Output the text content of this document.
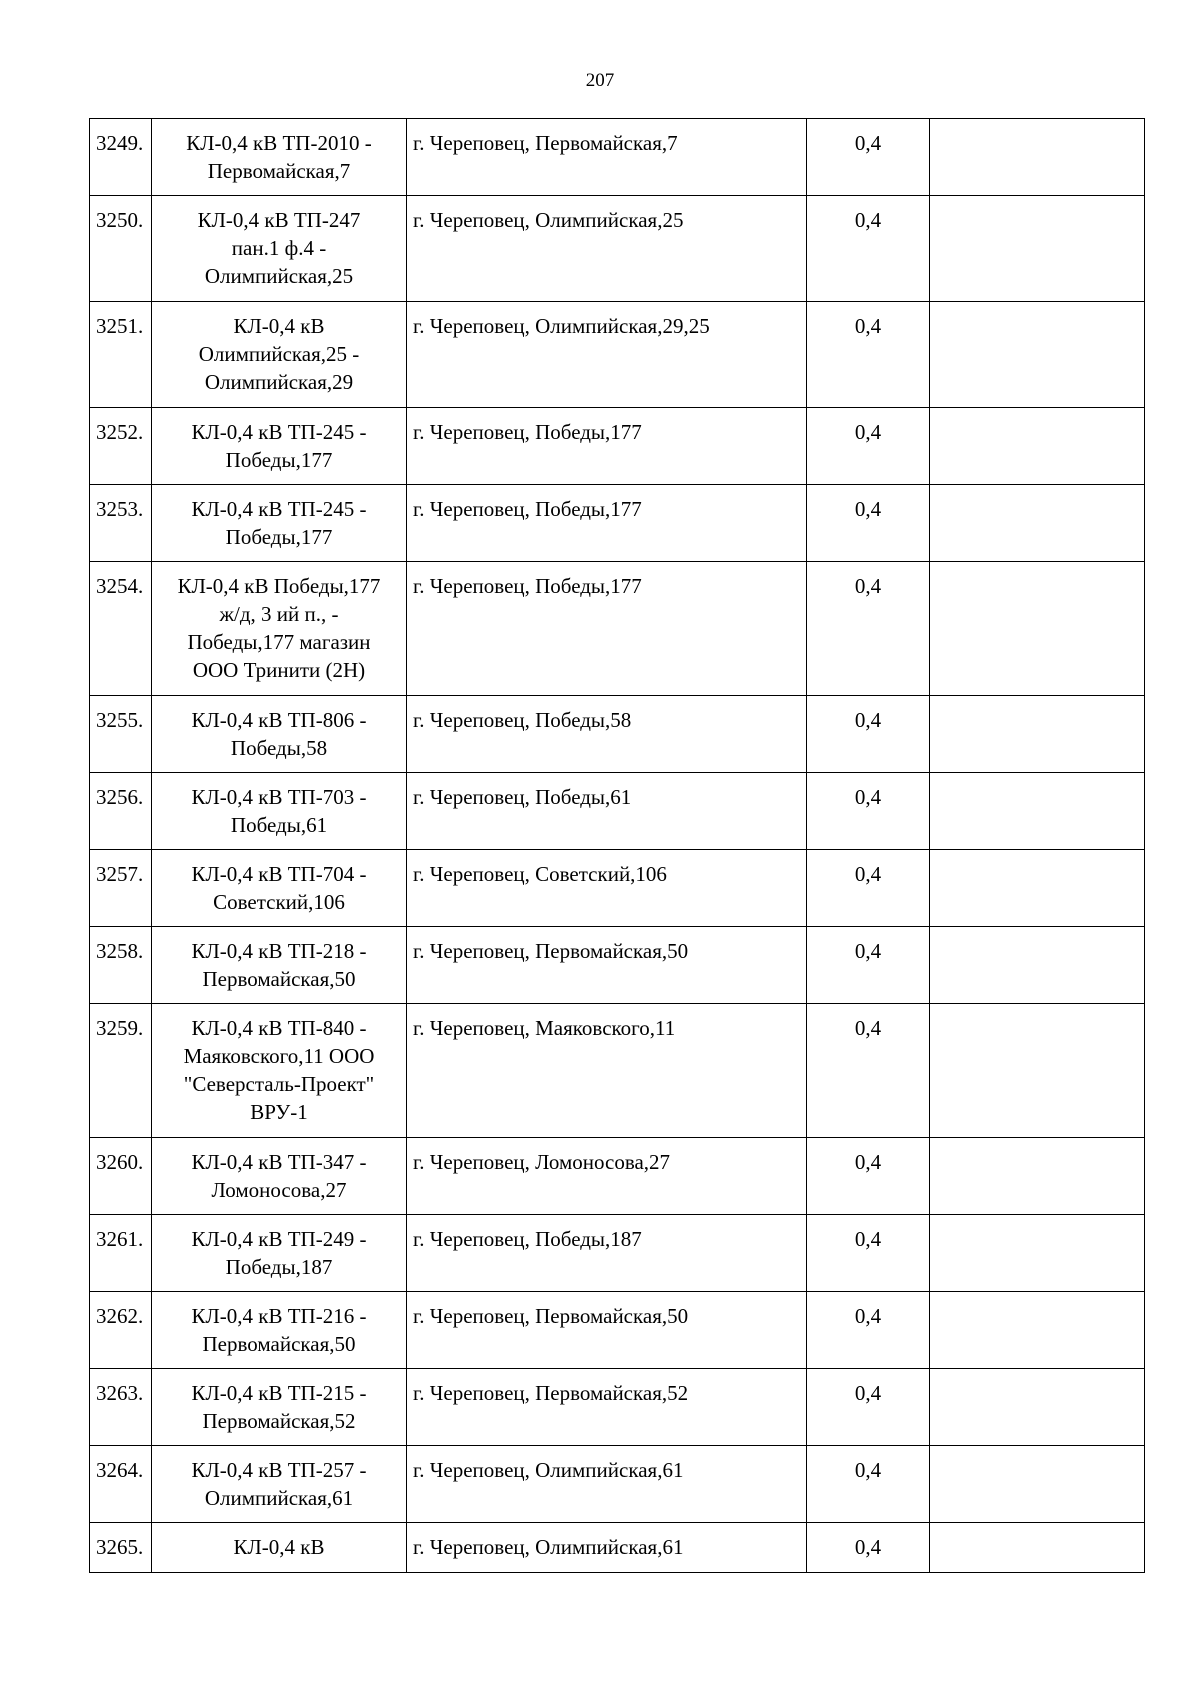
207
3249.	КЛ-0,4 кВ ТП-2010 -
Первомайская,7	г. Череповец, Первомайская,7	0,4	
3250.	КЛ-0,4 кВ ТП-247
пан.1 ф.4 -
Олимпийская,25	г. Череповец, Олимпийская,25	0,4	
3251.	КЛ-0,4 кВ
Олимпийская,25 -
Олимпийская,29	г. Череповец, Олимпийская,29,25	0,4	
3252.	КЛ-0,4 кВ ТП-245 -
Победы,177	г. Череповец, Победы,177	0,4	
3253.	КЛ-0,4 кВ ТП-245 -
Победы,177	г. Череповец, Победы,177	0,4	
3254.	КЛ-0,4 кВ Победы,177
ж/д, 3 ий п., -
Победы,177 магазин
ООО Тринити (2Н)	г. Череповец, Победы,177	0,4	
3255.	КЛ-0,4 кВ ТП-806 -
Победы,58	г. Череповец, Победы,58	0,4	
3256.	КЛ-0,4 кВ ТП-703 -
Победы,61	г. Череповец, Победы,61	0,4	
3257.	КЛ-0,4 кВ ТП-704 -
Советский,106	г. Череповец, Советский,106	0,4	
3258.	КЛ-0,4 кВ ТП-218 -
Первомайская,50	г. Череповец, Первомайская,50	0,4	
3259.	КЛ-0,4 кВ ТП-840 -
Маяковского,11 ООО
"Северсталь-Проект"
ВРУ-1	г. Череповец, Маяковского,11	0,4	
3260.	КЛ-0,4 кВ ТП-347 -
Ломоносова,27	г. Череповец, Ломоносова,27	0,4	
3261.	КЛ-0,4 кВ ТП-249 -
Победы,187	г. Череповец, Победы,187	0,4	
3262.	КЛ-0,4 кВ ТП-216 -
Первомайская,50	г. Череповец, Первомайская,50	0,4	
3263.	КЛ-0,4 кВ ТП-215 -
Первомайская,52	г. Череповец, Первомайская,52	0,4	
3264.	КЛ-0,4 кВ ТП-257 -
Олимпийская,61	г. Череповец, Олимпийская,61	0,4	
3265.	КЛ-0,4 кВ	г. Череповец, Олимпийская,61	0,4	
